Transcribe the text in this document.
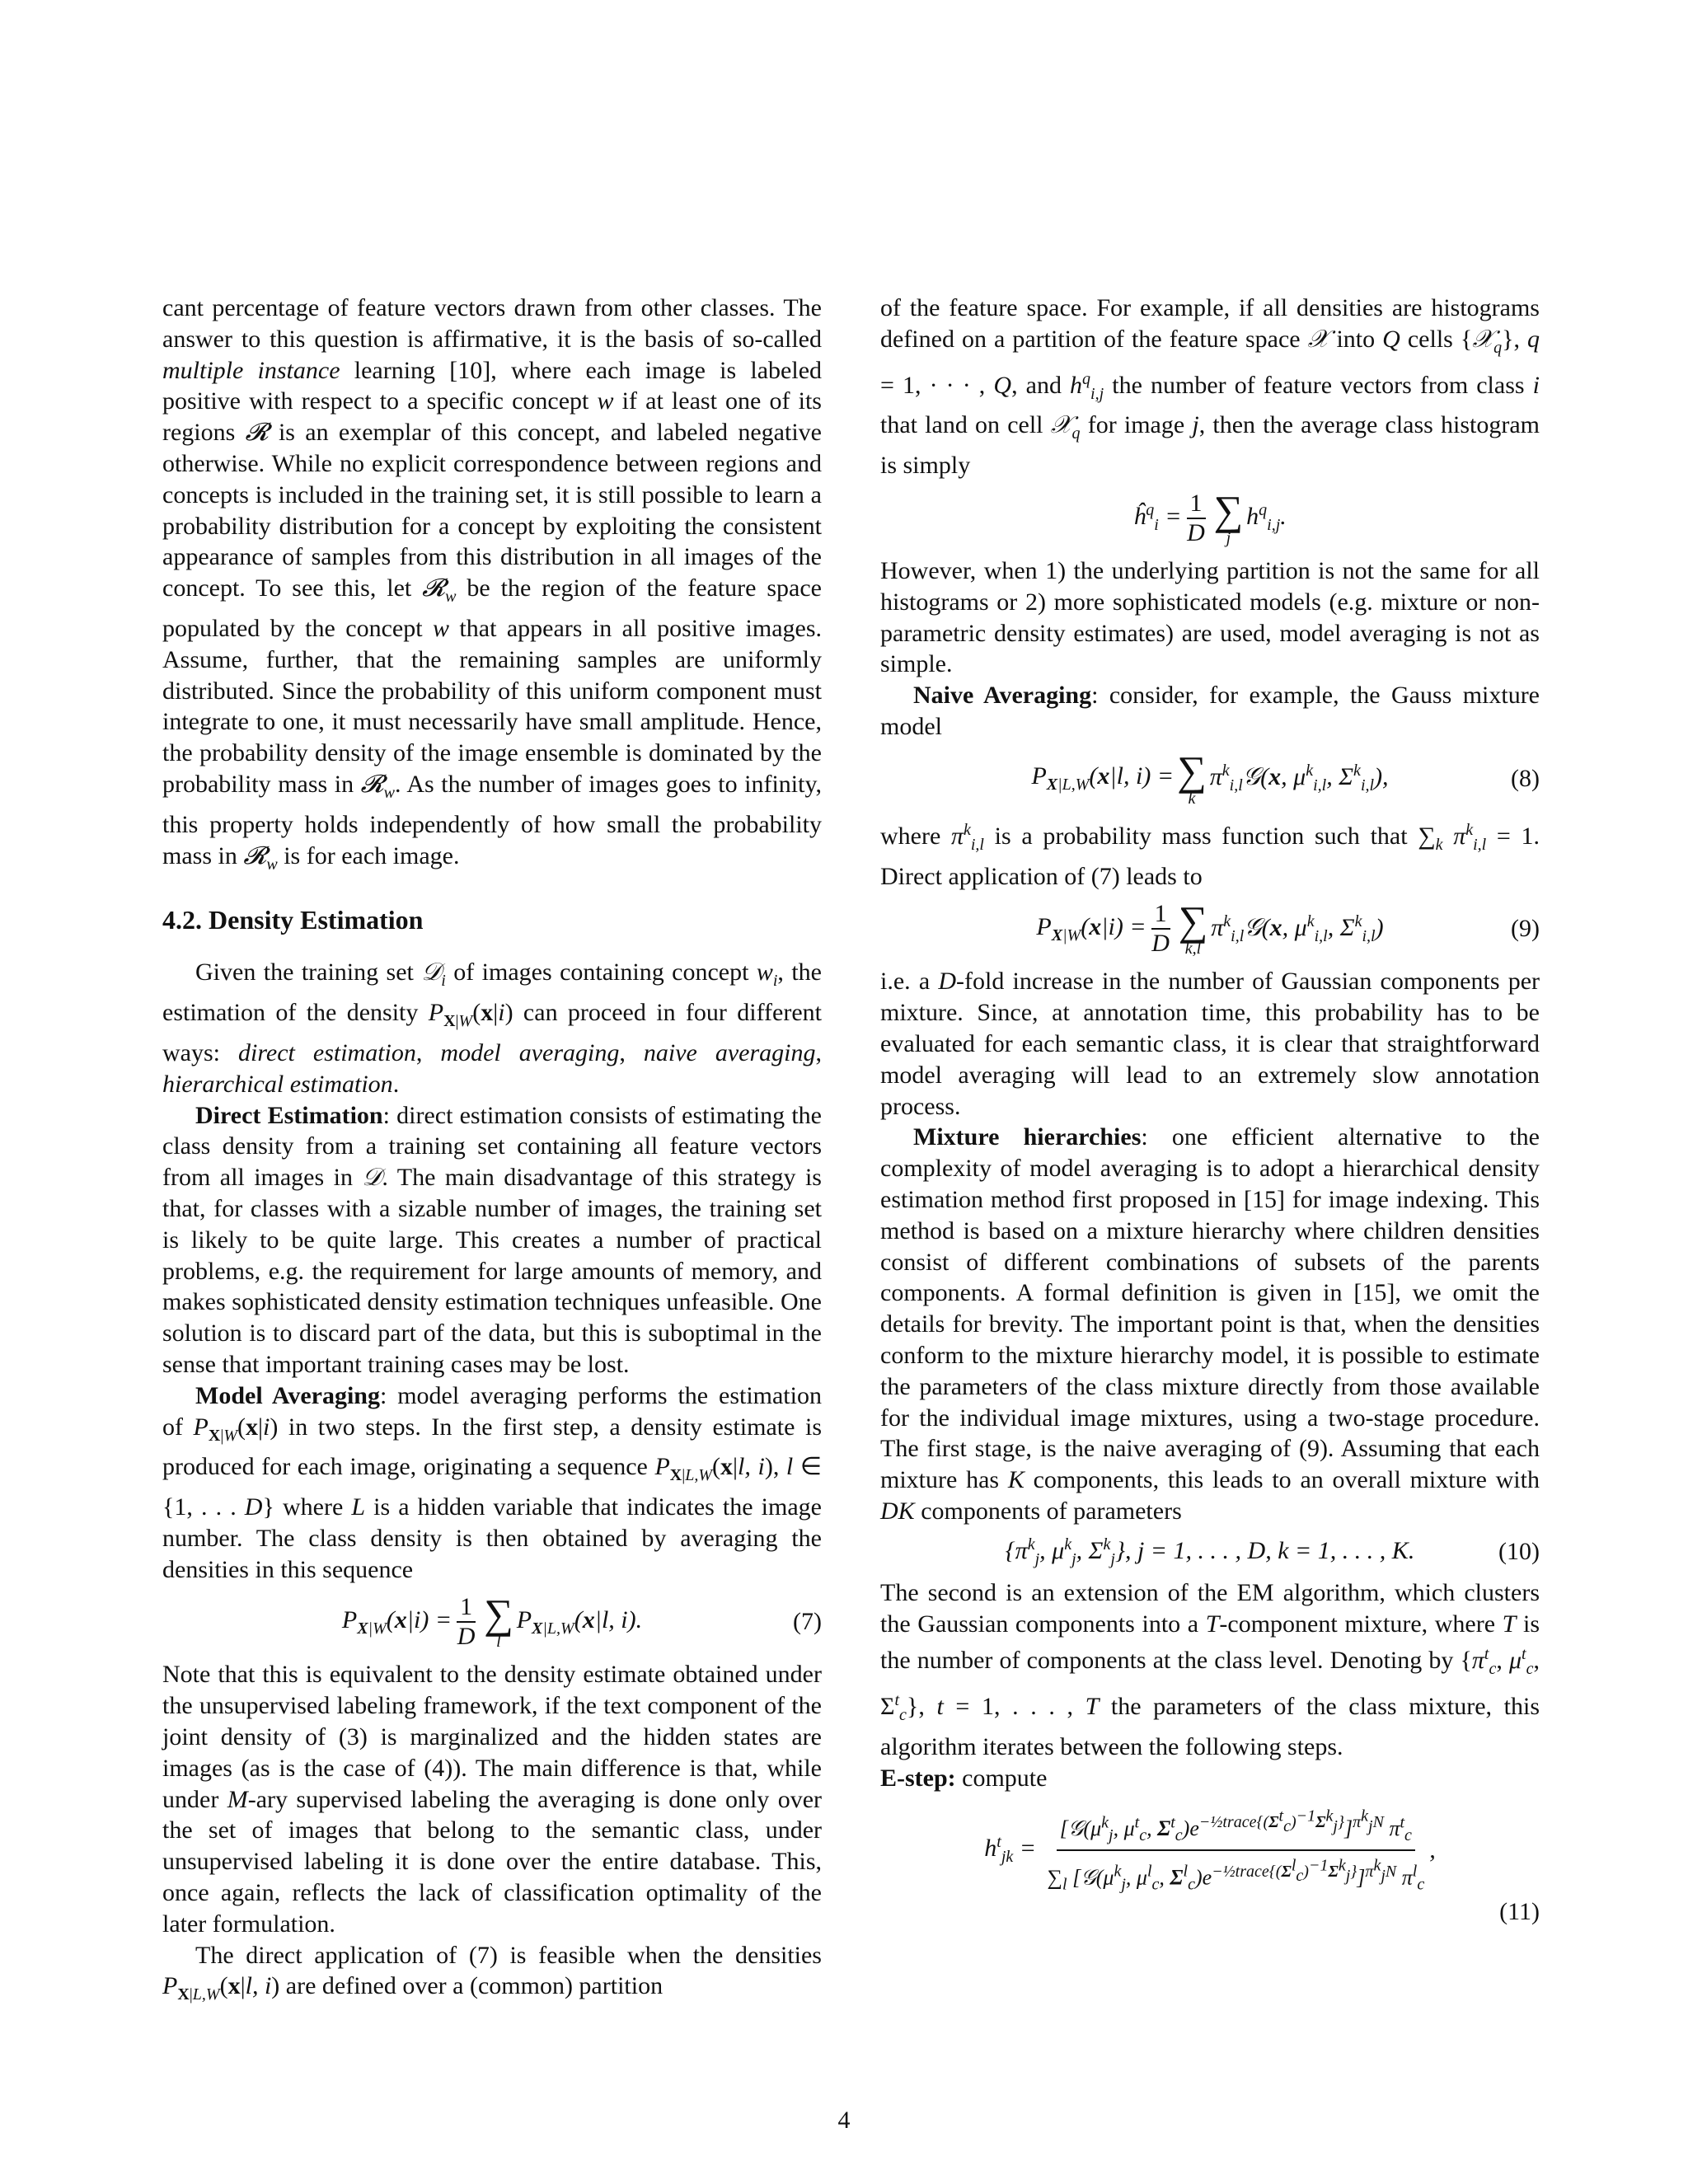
cant percentage of feature vectors drawn from other classes. The answer to this question is affirmative, it is the basis of so-called multiple instance learning [10], where each image is labeled positive with respect to a specific concept w if at least one of its regions 𝓡 is an exemplar of this concept, and labeled negative otherwise. While no explicit correspondence between regions and concepts is included in the training set, it is still possible to learn a probability distribution for a concept by exploiting the consistent appearance of samples from this distribution in all images of the concept. To see this, let 𝓡$_w$ be the region of the feature space populated by the concept w that appears in all positive images. Assume, further, that the remaining samples are uniformly distributed. Since the probability of this uniform component must integrate to one, it must necessarily have small amplitude. Hence, the probability density of the image ensemble is dominated by the probability mass in 𝓡$_w$. As the number of images goes to infinity, this property holds independently of how small the probability mass in 𝓡$_w$ is for each image.

4.2. Density Estimation

Given the training set 𝒟$_i$ of images containing concept $w_i$, the estimation of the density $P_{X|W}(x|i)$ can proceed in four different ways: direct estimation, model averaging, naive averaging, hierarchical estimation.

Direct Estimation: direct estimation consists of estimating the class density from a training set containing all feature vectors from all images in 𝒟. The main disadvantage of this strategy is that, for classes with a sizable number of images, the training set is likely to be quite large. This creates a number of practical problems, e.g. the requirement for large amounts of memory, and makes sophisticated density estimation techniques unfeasible. One solution is to discard part of the data, but this is suboptimal in the sense that important training cases may be lost.

Model Averaging: model averaging performs the estimation of $P_{X|W}(x|i)$ in two steps. In the first step, a density estimate is produced for each image, originating a sequence $P_{X|L,W}(x|l$, i), l ∈ {1, . . . D} where L is a hidden variable that indicates the image number. The class density is then obtained by averaging the densities in this sequence

$P_{X|W}(x|i) = \frac{1}{D}$ ∑
l
$P_{X|L,W}(x|l$, i).	(7)

Note that this is equivalent to the density estimate obtained under the unsupervised labeling framework, if the text component of the joint density of (3) is marginalized and the hidden states are images (as is the case of (4)). The main difference is that, while under M-ary supervised labeling the averaging is done only over the set of images that belong to the semantic class, under unsupervised labeling it is done over the entire database. This, once again, reflects the lack of classification optimality of the later formulation.

The direct application of (7) is feasible when the densities $P_{X|L,W}(x|l$, i) are defined over a (common) partition

of the feature space. For example, if all densities are histograms defined on a partition of the feature space 𝒳 into Q cells {𝒳$_q$}, q = 1, · · · , Q, and $h^q_{i,j}$ the number of feature vectors from class i that land on cell 𝒳$_q$ for image j, then the average class histogram is simply

$ĥ^q_i = \frac{1}{D}$ ∑
j
$h^q_{i,j}$.

However, when 1) the underlying partition is not the same for all histograms or 2) more sophisticated models (e.g. mixture or non-parametric density estimates) are used, model averaging is not as simple.

Naive Averaging: consider, for example, the Gauss mixture model

$P_{X|L,W}(x|l$, i) = ∑
k
$\pi^k_{i,l}𝒢(x$, $\mu^k_{i,l}$, $\Sigma^k_{i,l}$),	(8)

where $\pi^k_{i,l}$ is a probability mass function such that $\sum_k$ $\pi^k_{i,l} = 1$. Direct application of (7) leads to

$P_{X|W}(x|i) = \frac{1}{D}$ ∑
k,l
$\pi^k_{i,l}𝒢(x$, $\mu^k_{i,l}$, $\Sigma^k_{i,l}$)	(9)

i.e. a D-fold increase in the number of Gaussian components per mixture. Since, at annotation time, this probability has to be evaluated for each semantic class, it is clear that straightforward model averaging will lead to an extremely slow annotation process.

Mixture hierarchies: one efficient alternative to the complexity of model averaging is to adopt a hierarchical density estimation method first proposed in [15] for image indexing. This method is based on a mixture hierarchy where children densities consist of different combinations of subsets of the parents components. A formal definition is given in [15], we omit the details for brevity. The important point is that, when the densities conform to the mixture hierarchy model, it is possible to estimate the parameters of the class mixture directly from those available for the individual image mixtures, using a two-stage procedure. The first stage, is the naive averaging of (9). Assuming that each mixture has K components, this leads to an overall mixture with DK components of parameters

{$\pi^k_j$, $\mu^k_j$, $\Sigma^k_j$}, j = 1, . . . , D, k = 1, . . . , K.	(10)

The second is an extension of the EM algorithm, which clusters the Gaussian components into a T-component mixture, where T is the number of components at the class level. Denoting by {$\pi^t_c$, $\mu^t_c$, $\Sigma^t_c$}, t = 1, . . . , T the parameters of the class mixture, this algorithm iterates between the following steps.

E-step: compute

$h^t_{jk} = \frac{[𝒢(\mu^k_j, \mu^t_c, \Sigma^t_c)e^{-\frac{1}{2}trace\{(\Sigma^t_c)^{-1}\Sigma^k_j\}}]^{\pi^k_jN} \pi^t_c}{\sum_l [𝒢(\mu^k_j, \mu^l_c, \Sigma^l_c)e^{-\frac{1}{2}trace\{(\Sigma^l_c)^{-1}\Sigma^k_j\}}]^{\pi^k_jN} \pi^l_c}$ ,
(11)
4
